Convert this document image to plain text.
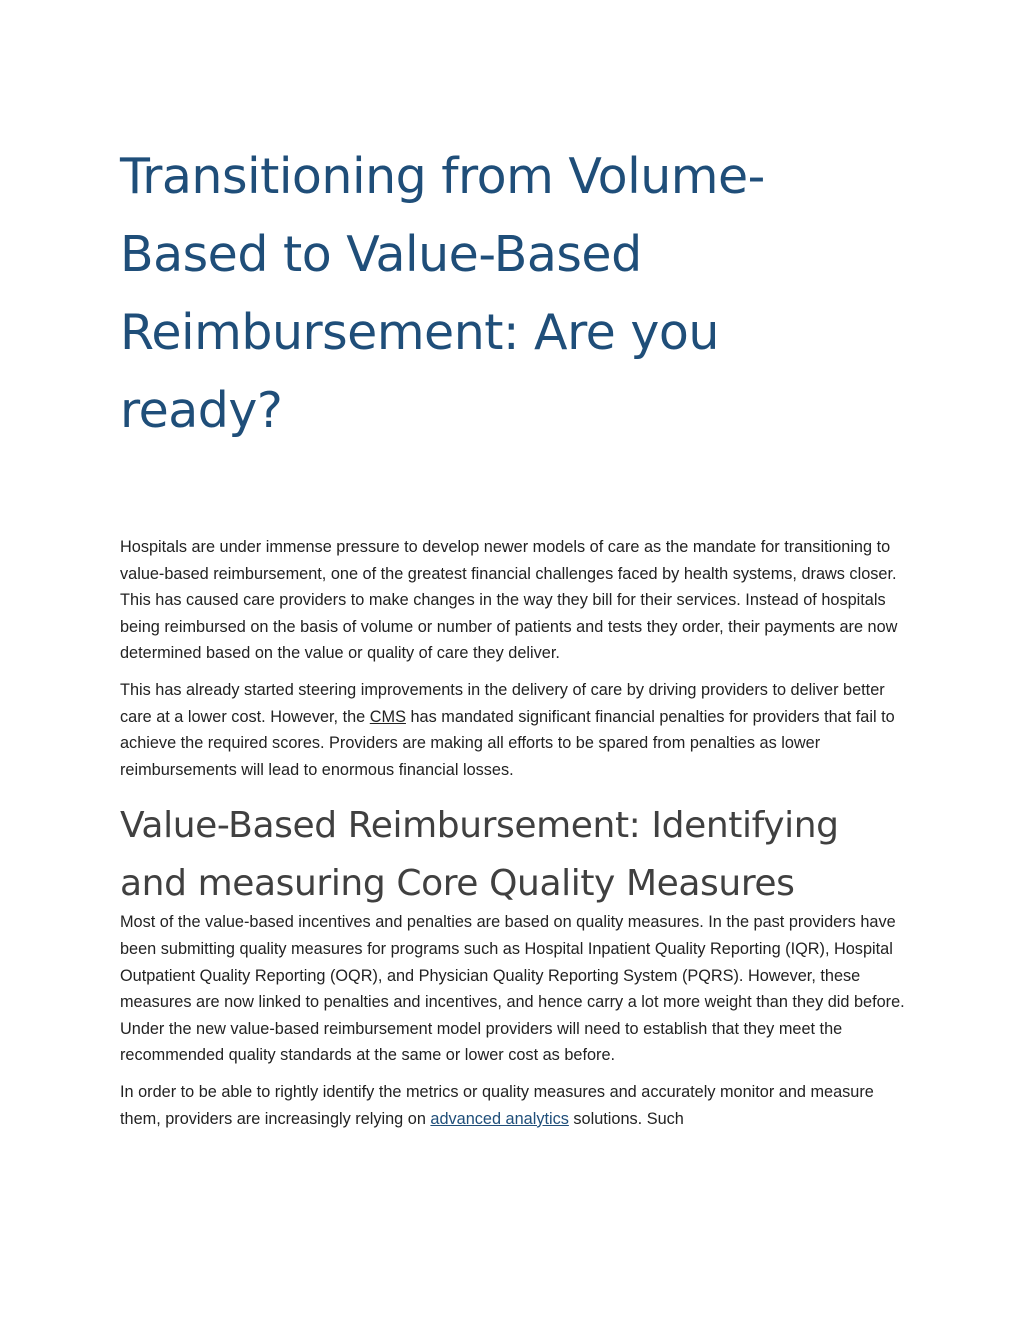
Transitioning from Volume-Based to Value-Based Reimbursement: Are you ready?

Hospitals are under immense pressure to develop newer models of care as the mandate for transitioning to value-based reimbursement, one of the greatest financial challenges faced by health systems, draws closer. This has caused care providers to make changes in the way they bill for their services. Instead of hospitals being reimbursed on the basis of volume or number of patients and tests they order, their payments are now determined based on the value or quality of care they deliver.

This has already started steering improvements in the delivery of care by driving providers to deliver better care at a lower cost. However, the CMS has mandated significant financial penalties for providers that fail to achieve the required scores. Providers are making all efforts to be spared from penalties as lower reimbursements will lead to enormous financial losses.

Value-Based Reimbursement: Identifying and measuring Core Quality Measures

Most of the value-based incentives and penalties are based on quality measures. In the past providers have been submitting quality measures for programs such as Hospital Inpatient Quality Reporting (IQR), Hospital Outpatient Quality Reporting (OQR), and Physician Quality Reporting System (PQRS). However, these measures are now linked to penalties and incentives, and hence carry a lot more weight than they did before. Under the new value-based reimbursement model providers will need to establish that they meet the recommended quality standards at the same or lower cost as before.

In order to be able to rightly identify the metrics or quality measures and accurately monitor and measure them, providers are increasingly relying on advanced analytics solutions. Such
